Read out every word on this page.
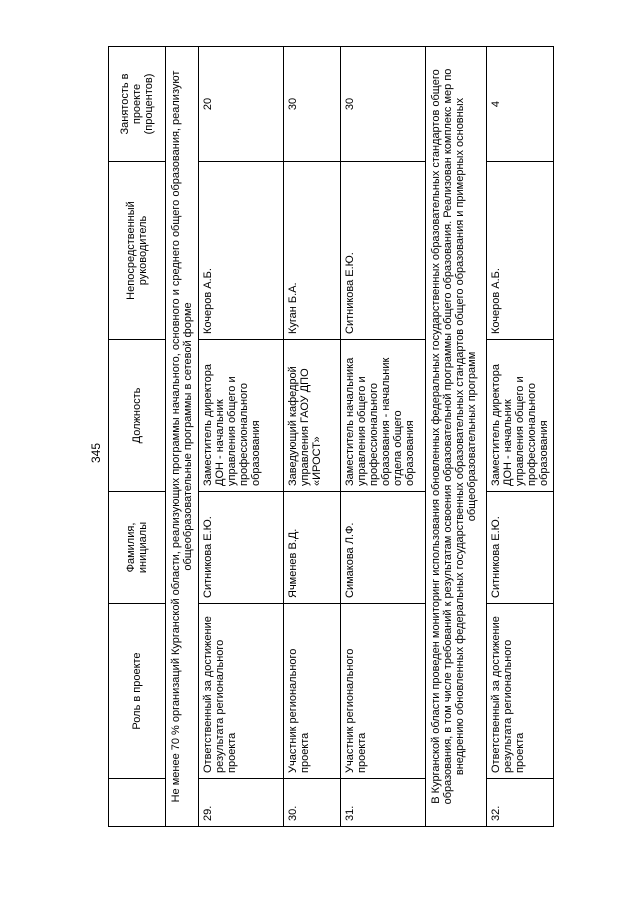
345
	Роль в проекте	Фамилия, инициалы	Должность	Непосредственный руководитель	Занятость в проекте (процентов)
Не менее 70 % организаций Курганской области, реализующих программы начального, основного и среднего общего образования, реализуют общеобразовательные программы в сетевой форме					
29.	Ответственный за достижение результата регионального проекта	Ситникова Е.Ю.	Заместитель директора ДОН - начальник управления общего и профессионального образования	Кочеров А.Б.	20
30.	Участник регионального проекта	Ячменев В.Д.	Заведующий кафедрой управления ГАОУ ДПО «ИРОСТ»	Куган Б.А.	30
31.	Участник регионального проекта	Симакова Л.Ф.	Заместитель начальника управления общего и профессионального образования - начальник отдела общего образования	Ситникова Е.Ю.	30
В Курганской области проведен мониторинг использования обновленных федеральных государственных образовательных стандартов общего образования, в том числе требований к результатам освоения образовательной программы общего образования. Реализован комплекс мер по внедрению обновленных федеральных государственных образовательных стандартов общего образования и примерных основных общеобразовательных программ					
32.	Ответственный за достижение результата регионального проекта	Ситникова Е.Ю.	Заместитель директора ДОН - начальник управления общего и профессионального образования	Кочеров А.Б.	4
